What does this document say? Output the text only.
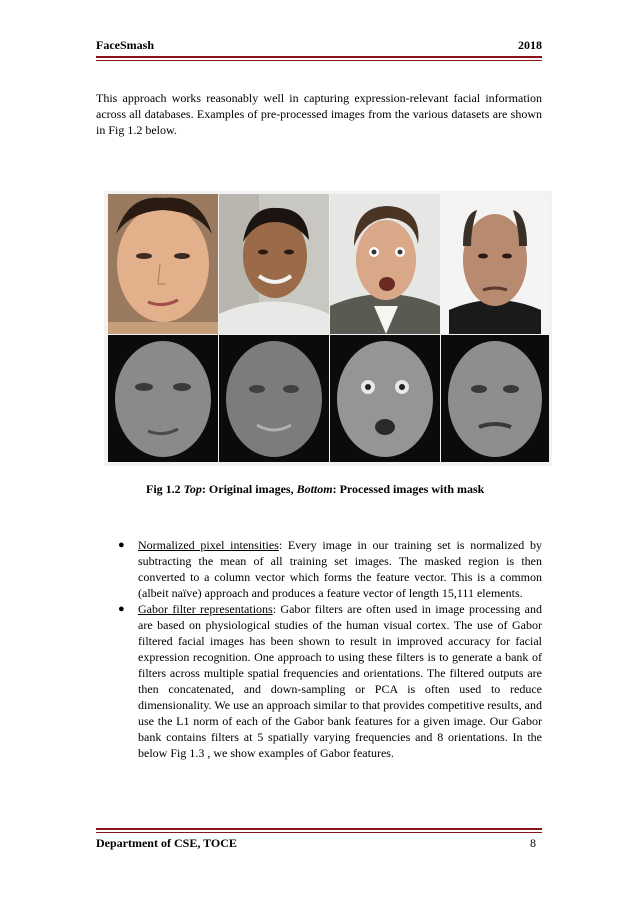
FaceSmash	2018
This approach works reasonably well in capturing expression-relevant facial information across all databases. Examples of pre-processed images from the various datasets are shown in Fig 1.2 below.
Fig 1.2 Top: Original images, Bottom: Processed images with mask
● Normalized pixel intensities: Every image in our training set is normalized by subtracting the mean of all training set images. The masked region is then converted to a column vector which forms the feature vector. This is a common (albeit naïve) approach and produces a feature vector of length 15,111 elements.
● Gabor filter representations: Gabor filters are often used in image processing and are based on physiological studies of the human visual cortex. The use of Gabor filtered facial images has been shown to result in improved accuracy for facial expression recognition. One approach to using these filters is to generate a bank of filters across multiple spatial frequencies and orientations. The filtered outputs are then concatenated, and down-sampling or PCA is often used to reduce dimensionality. We use an approach similar to that provides competitive results, and use the L1 norm of each of the Gabor bank features for a given image. Our Gabor bank contains filters at 5 spatially varying frequencies and 8 orientations. In the below Fig 1.3 , we show examples of Gabor features.
Department of CSE, TOCE	8
